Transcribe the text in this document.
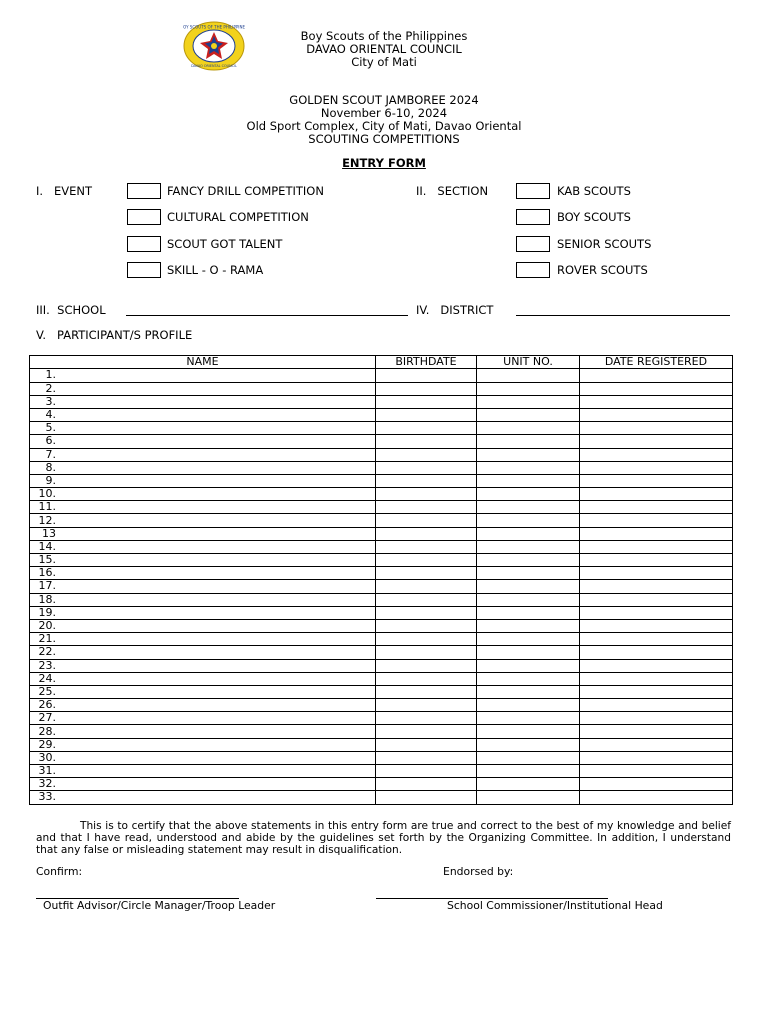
BOY SCOUTS OF THE PHILIPPINES
DAVAO ORIENTAL COUNCIL
Boy Scouts of the Philippines
DAVAO ORIENTAL COUNCIL
City of Mati
GOLDEN SCOUT JAMBOREE 2024
November 6-10, 2024
Old Sport Complex, City of Mati, Davao Oriental
SCOUTING COMPETITIONS
ENTRY FORM
I.   EVENT	FANCY DRILL COMPETITION
CULTURAL COMPETITION
SCOUT GOT TALENT
SKILL - O - RAMA
II.   SECTION	KAB SCOUTS
BOY SCOUTS
SENIOR SCOUTS
ROVER SCOUTS
III.  SCHOOL	IV.   DISTRICT
V.   PARTICIPANT/S PROFILE
NAME	BIRTHDATE	UNIT NO.	DATE REGISTERED
1.			
2.			
3.			
4.			
5.			
6.			
7.			
8.			
9.			
10.			
11.			
12.			
13			
14.			
15.			
16.			
17.			
18.			
19.			
20.			
21.			
22.			
23.			
24.			
25.			
26.			
27.			
28.			
29.			
30.			
31.			
32.			
33.			
This is to certify that the above statements in this entry form are true and correct to the best of my knowledge and belief and that I have read, understood and abide by the guidelines set forth by the Organizing Committee. In addition, I understand that any false or misleading statement may result in disqualification.
Confirm:	Endorsed by:
Outfit Advisor/Circle Manager/Troop Leader	School Commissioner/Institutional Head
